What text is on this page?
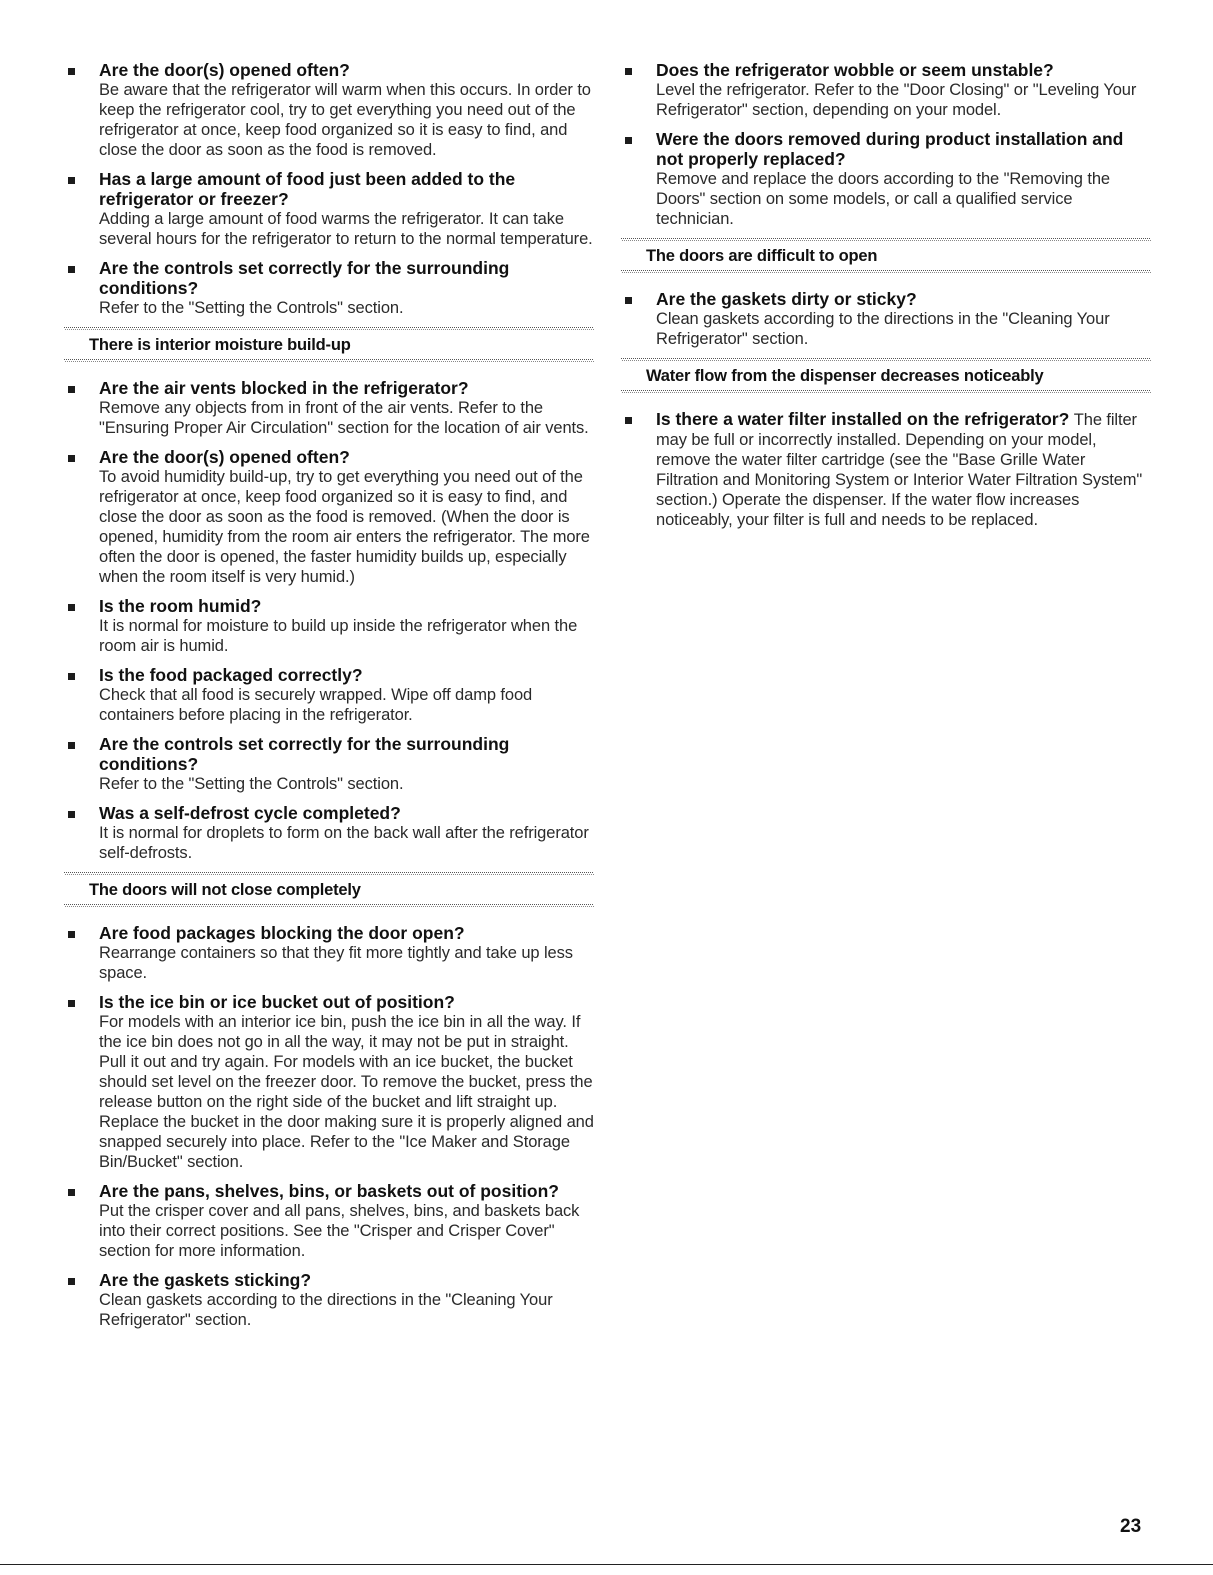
Are the door(s) opened often?
Be aware that the refrigerator will warm when this occurs. In order to keep the refrigerator cool, try to get everything you need out of the refrigerator at once, keep food organized so it is easy to find, and close the door as soon as the food is removed.
Has a large amount of food just been added to the refrigerator or freezer?
Adding a large amount of food warms the refrigerator. It can take several hours for the refrigerator to return to the normal temperature.
Are the controls set correctly for the surrounding conditions?
Refer to the "Setting the Controls" section.
There is interior moisture build-up
Are the air vents blocked in the refrigerator?
Remove any objects from in front of the air vents. Refer to the "Ensuring Proper Air Circulation" section for the location of air vents.
Are the door(s) opened often?
To avoid humidity build-up, try to get everything you need out of the refrigerator at once, keep food organized so it is easy to find, and close the door as soon as the food is removed. (When the door is opened, humidity from the room air enters the refrigerator. The more often the door is opened, the faster humidity builds up, especially when the room itself is very humid.)
Is the room humid?
It is normal for moisture to build up inside the refrigerator when the room air is humid.
Is the food packaged correctly?
Check that all food is securely wrapped. Wipe off damp food containers before placing in the refrigerator.
Are the controls set correctly for the surrounding conditions?
Refer to the "Setting the Controls" section.
Was a self-defrost cycle completed?
It is normal for droplets to form on the back wall after the refrigerator self-defrosts.
The doors will not close completely
Are food packages blocking the door open?
Rearrange containers so that they fit more tightly and take up less space.
Is the ice bin or ice bucket out of position?
For models with an interior ice bin, push the ice bin in all the way. If the ice bin does not go in all the way, it may not be put in straight. Pull it out and try again. For models with an ice bucket, the bucket should set level on the freezer door. To remove the bucket, press the release button on the right side of the bucket and lift straight up. Replace the bucket in the door making sure it is properly aligned and snapped securely into place. Refer to the "Ice Maker and Storage Bin/Bucket" section.
Are the pans, shelves, bins, or baskets out of position?
Put the crisper cover and all pans, shelves, bins, and baskets back into their correct positions. See the "Crisper and Crisper Cover" section for more information.
Are the gaskets sticking?
Clean gaskets according to the directions in the "Cleaning Your Refrigerator" section.
Does the refrigerator wobble or seem unstable?
Level the refrigerator. Refer to the "Door Closing" or "Leveling Your Refrigerator" section, depending on your model.
Were the doors removed during product installation and not properly replaced?
Remove and replace the doors according to the "Removing the Doors" section on some models, or call a qualified service technician.
The doors are difficult to open
Are the gaskets dirty or sticky?
Clean gaskets according to the directions in the "Cleaning Your Refrigerator" section.
Water flow from the dispenser decreases noticeably
Is there a water filter installed on the refrigerator? The filter may be full or incorrectly installed. Depending on your model, remove the water filter cartridge (see the "Base Grille Water Filtration and Monitoring System or Interior Water Filtration System" section.) Operate the dispenser. If the water flow increases noticeably, your filter is full and needs to be replaced.
23
